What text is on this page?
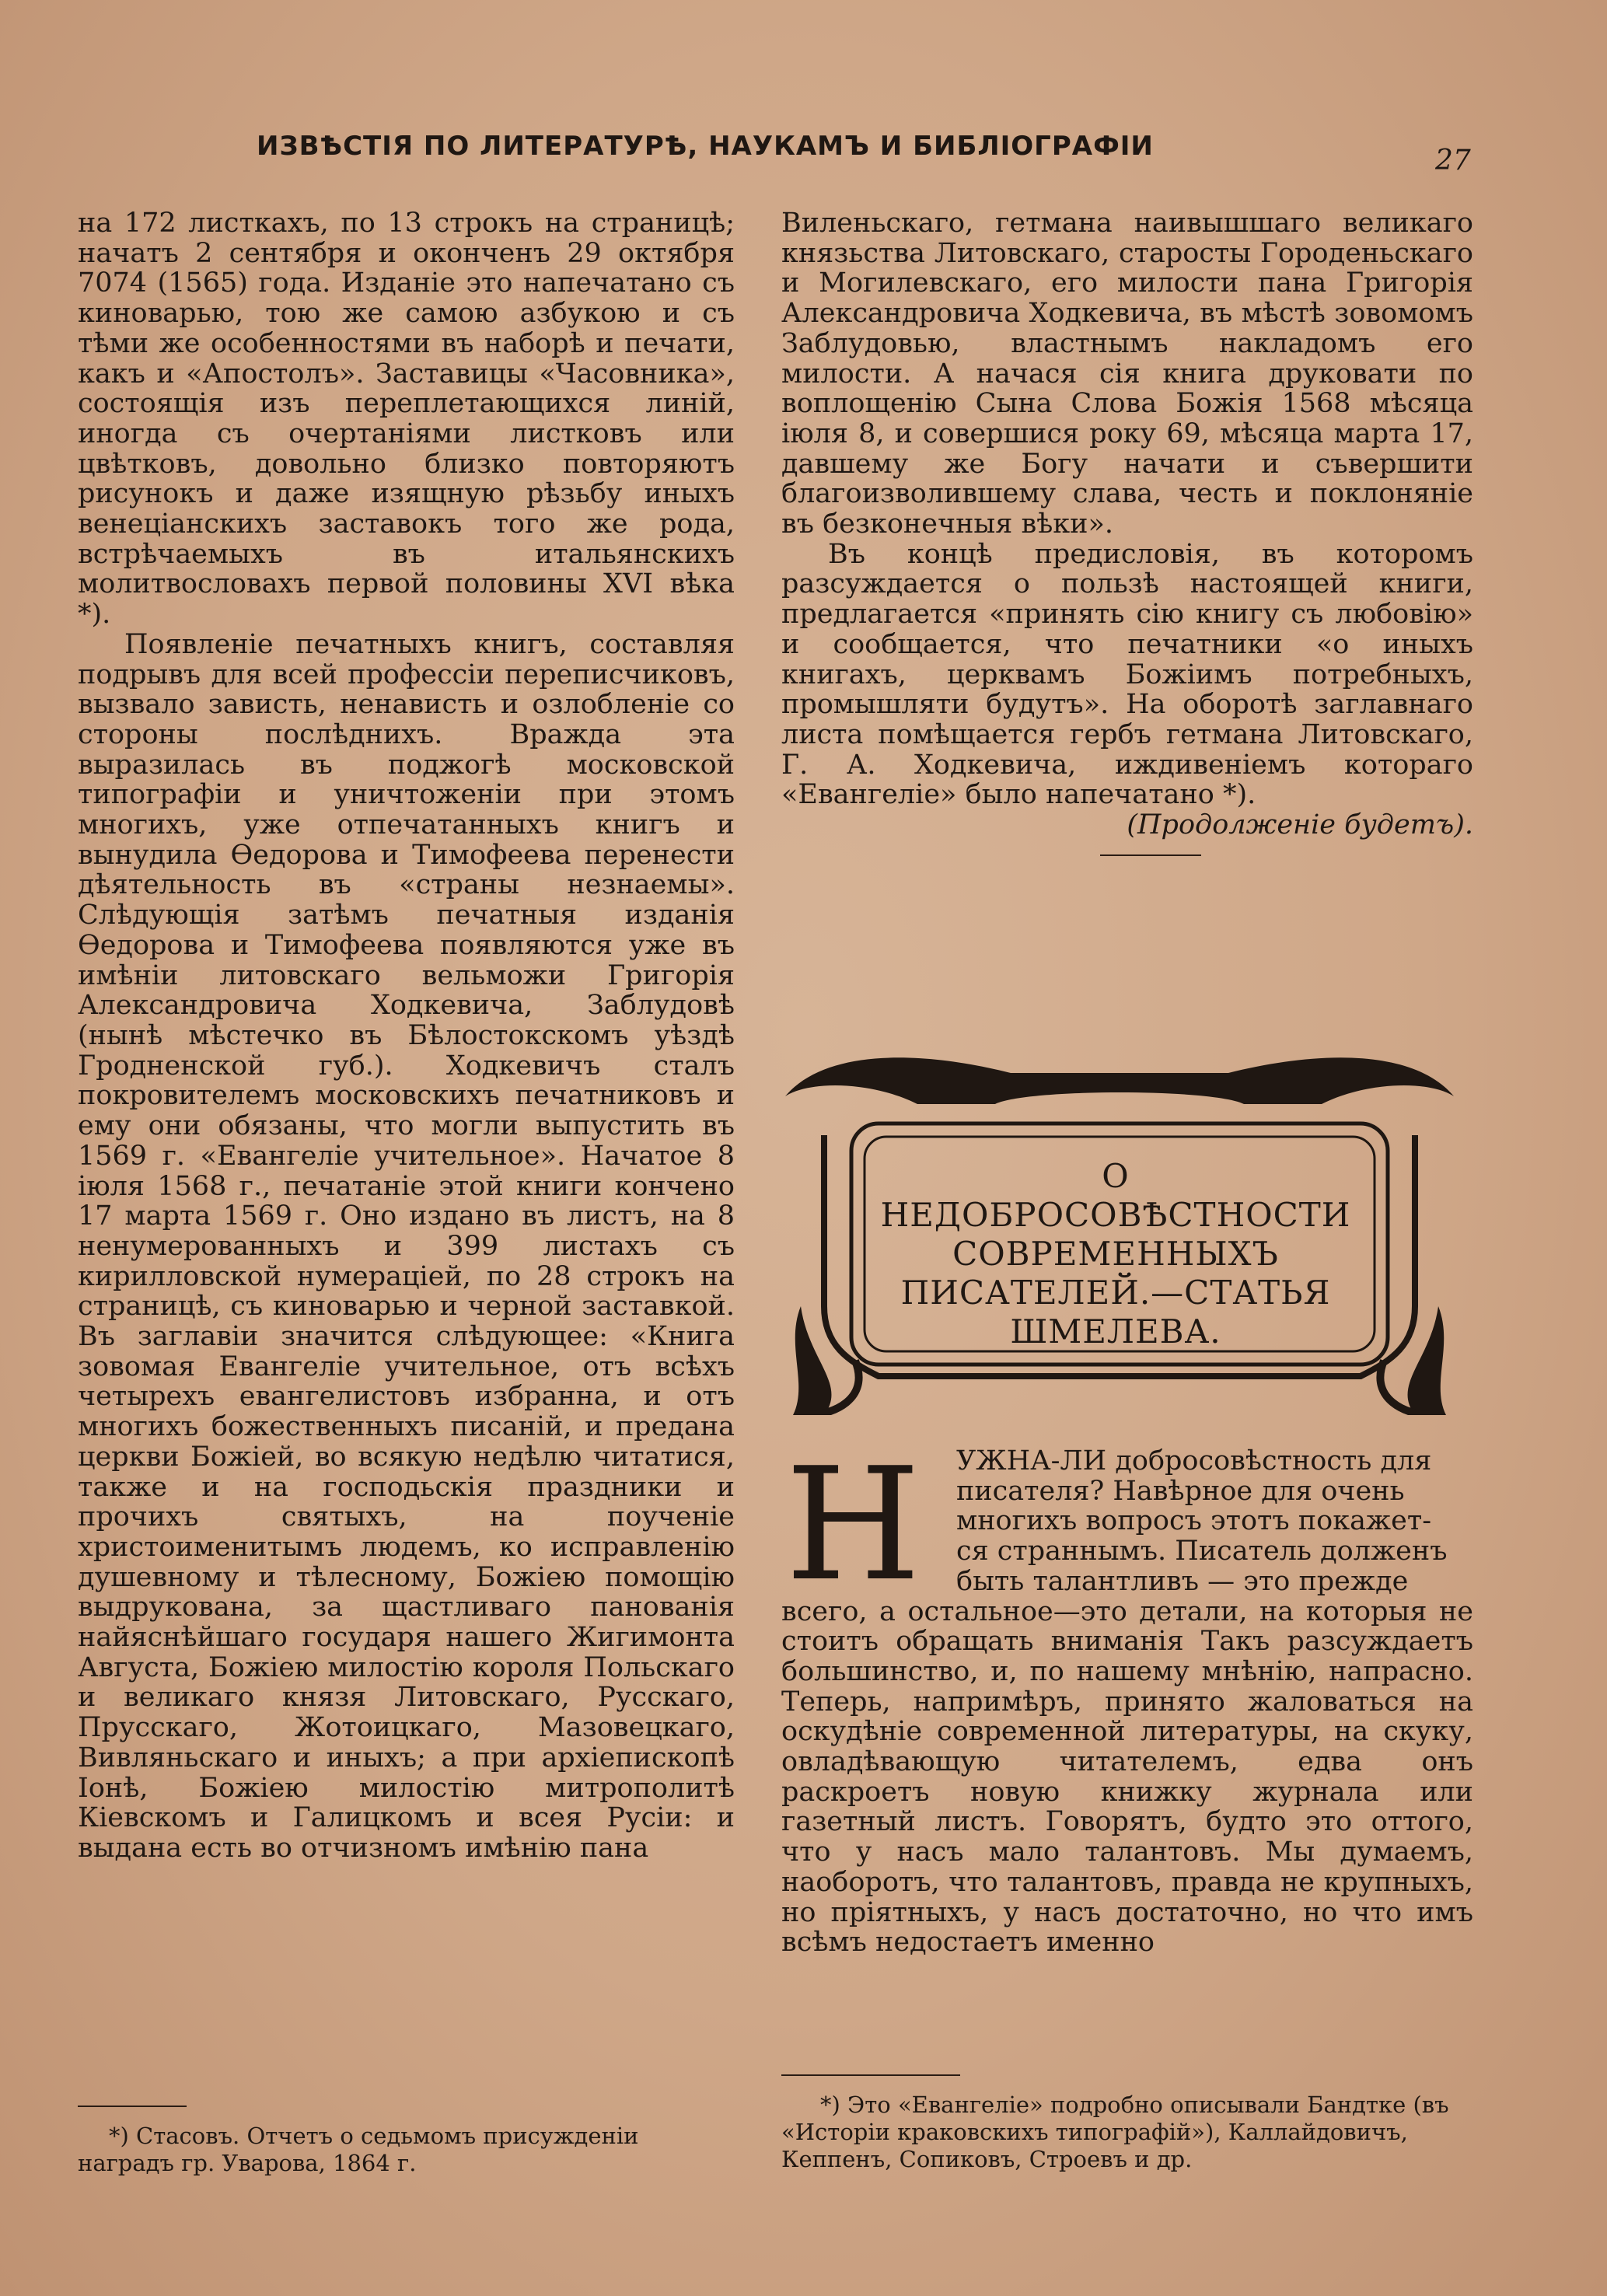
ИЗВѢСТІЯ ПО ЛИТЕРАТУРѢ, НАУКАМЪ И БИБЛІОГРАФІИ	27

на 172 листкахъ, по 13 строкъ на страницѣ; начатъ 2 сентября и оконченъ 29 октября 7074 (1565) года. Изданіе это напечатано съ киноварью, тою же самою азбукою и съ тѣми же особенностями въ наборѣ и печати, какъ и «Апостолъ». Заставицы «Часовника», состоящія изъ переплетающихся линій, иногда съ очертаніями листковъ или цвѣтковъ, довольно близко повторяютъ рисунокъ и даже изящную рѣзьбу иныхъ венеціанскихъ заставокъ того же рода, встрѣчаемыхъ въ итальянскихъ молитвословахъ первой половины XVI вѣка *).

Появленіе печатныхъ книгъ, составляя подрывъ для всей профессіи переписчиковъ, вызвало зависть, ненависть и озлобленіе со стороны послѣднихъ. Вражда эта выразилась въ поджогѣ московской типографіи и уничтоженіи при этомъ многихъ, уже отпечатанныхъ книгъ и вынудила Ѳедорова и Тимофеева перенести дѣятельность въ «страны незнаемы». Слѣдующія затѣмъ печатныя изданія Ѳедорова и Тимофеева появляются уже въ имѣніи литовскаго вельможи Григорія Александровича Ходкевича, Заблудовѣ (нынѣ мѣстечко въ Бѣлостокскомъ уѣздѣ Гродненской губ.). Ходкевичъ сталъ покровителемъ московскихъ печатниковъ и ему они обязаны, что могли выпустить въ 1569 г. «Евангеліе учительное». Начатое 8 іюля 1568 г., печатаніе этой книги кончено 17 марта 1569 г. Оно издано въ листъ, на 8 ненумерованныхъ и 399 листахъ съ кирилловской нумераціей, по 28 строкъ на страницѣ, съ киноварью и черной заставкой. Въ заглавіи значится слѣдующее: «Книга зовомая Евангеліе учительное, отъ всѣхъ четырехъ евангелистовъ избранна, и отъ многихъ божественныхъ писаній, и предана церкви Божіей, во всякую недѣлю читатися, также и на господьскія праздники и прочихъ святыхъ, на поученіе христоименитымъ людемъ, ко исправленію душевному и тѣлесному, Божіею помощію выдрукована, за щастливаго панованія найяснѣйшаго государя нашего Жигимонта Августа, Божіею милостію короля Польскаго и великаго князя Литовскаго, Русскаго, Прусскаго, Жотоицкаго, Мазовецкаго, Вивляньскаго и иныхъ; а при архіепископѣ Іонѣ, Божіею милостію митрополитѣ Кіевскомъ и Галицкомъ и всея Русіи: и выдана есть во отчизномъ имѣнію пана

*) Стасовъ. Отчетъ о седьмомъ присужденіи наградъ гр. Уварова, 1864 г.

Виленьскаго, гетмана наивышшаго великаго князьства Литовскаго, старосты Городеньскаго и Могилевскаго, его милости пана Григорія Александровича Ходкевича, въ мѣстѣ зовомомъ Заблудовью, властнымъ накладомъ его милости. А начася сія книга друковати по воплощенію Сына Слова Божія 1568 мѣсяца іюля 8, и совершися року 69, мѣсяца марта 17, давшему же Богу начати и съвершити благоизволившему слава, честь и поклоняніе въ безконечныя вѣки».

Въ концѣ предисловія, въ которомъ разсуждается о пользѣ настоящей книги, предлагается «принять сію книгу съ любовію» и сообщается, что печатники «о иныхъ книгахъ, церквамъ Божіимъ потребныхъ, промышляти будутъ». На оборотѣ заглавнаго листа помѣщается гербъ гетмана Литовскаго, Г. А. Ходкевича, иждивеніемъ котораго «Евангеліе» было напечатано *).

(Продолженіе будетъ).

О НЕДОБРОСОВѢСТНОСТИ СОВРЕМЕННЫХЪ ПИСАТЕЛЕЙ.—СТАТЬЯ ШМЕЛЕВА.
Н УЖНА-ЛИ добросовѣстность для

писателя? Навѣрное для очень

многихъ вопросъ этотъ покажет-

ся страннымъ. Писатель долженъ

быть талантливъ — это прежде

всего, а остальное—это детали, на которыя не стоитъ обращать вниманія Такъ разсуждаетъ большинство, и, по нашему мнѣнію, напрасно. Теперь, напримѣръ, принято жаловаться на оскудѣніе современной литературы, на скуку, овладѣвающую читателемъ, едва онъ раскроетъ новую книжку журнала или газетный листъ. Говорятъ, будто это оттого, что у насъ мало талантовъ. Мы думаемъ, наоборотъ, что талантовъ, правда не крупныхъ, но пріятныхъ, у насъ достаточно, но что имъ всѣмъ недостаетъ именно

*) Это «Евангеліе» подробно описывали Бандтке (въ «Исторіи краковскихъ типографій»), Каллайдовичъ, Кеппенъ, Сопиковъ, Строевъ и др.
